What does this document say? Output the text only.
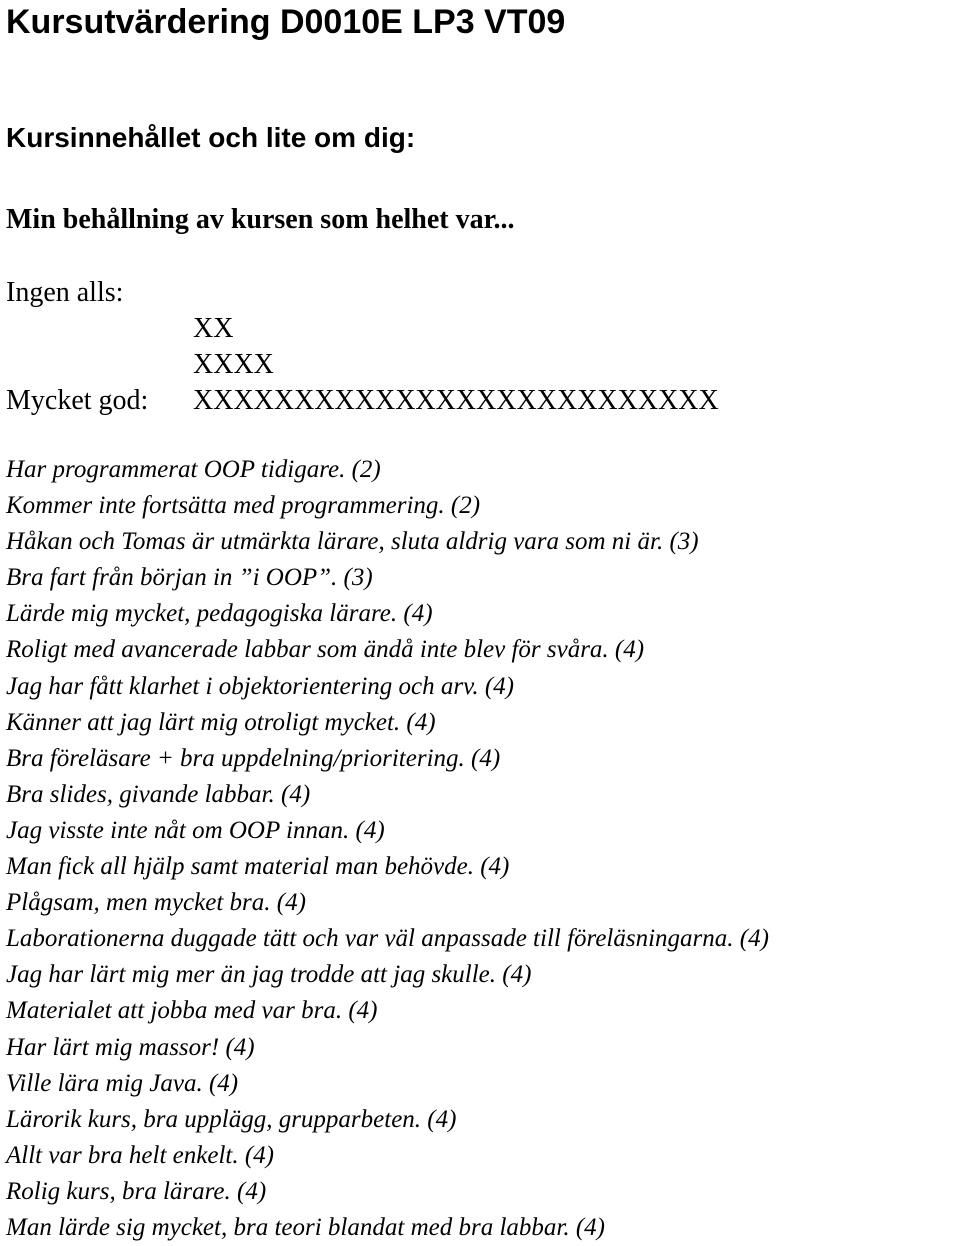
Kursutvärdering D0010E LP3 VT09
Kursinnehållet och lite om dig:
Min behållning av kursen som helhet var...
Ingen alls:
XX
XXXX
Mycket god: XXXXXXXXXXXXXXXXXXXXXXXXXX
Har programmerat OOP tidigare. (2)
Kommer inte fortsätta med programmering. (2)
Håkan och Tomas är utmärkta lärare, sluta aldrig vara som ni är. (3)
Bra fart från början in ”i OOP”. (3)
Lärde mig mycket, pedagogiska lärare. (4)
Roligt med avancerade labbar som ändå inte blev för svåra. (4)
Jag har fått klarhet i objektorientering och arv. (4)
Känner att jag lärt mig otroligt mycket. (4)
Bra föreläsare + bra uppdelning/prioritering. (4)
Bra slides, givande labbar. (4)
Jag visste inte nåt om OOP innan. (4)
Man fick all hjälp samt material man behövde. (4)
Plågsam, men mycket bra. (4)
Laborationerna duggade tätt och var väl anpassade till föreläsningarna. (4)
Jag har lärt mig mer än jag trodde att jag skulle. (4)
Materialet att jobba med var bra. (4)
Har lärt mig massor! (4)
Ville lära mig Java. (4)
Lärorik kurs, bra upplägg, grupparbeten. (4)
Allt var bra helt enkelt. (4)
Rolig kurs, bra lärare. (4)
Man lärde sig mycket, bra teori blandat med bra labbar. (4)
